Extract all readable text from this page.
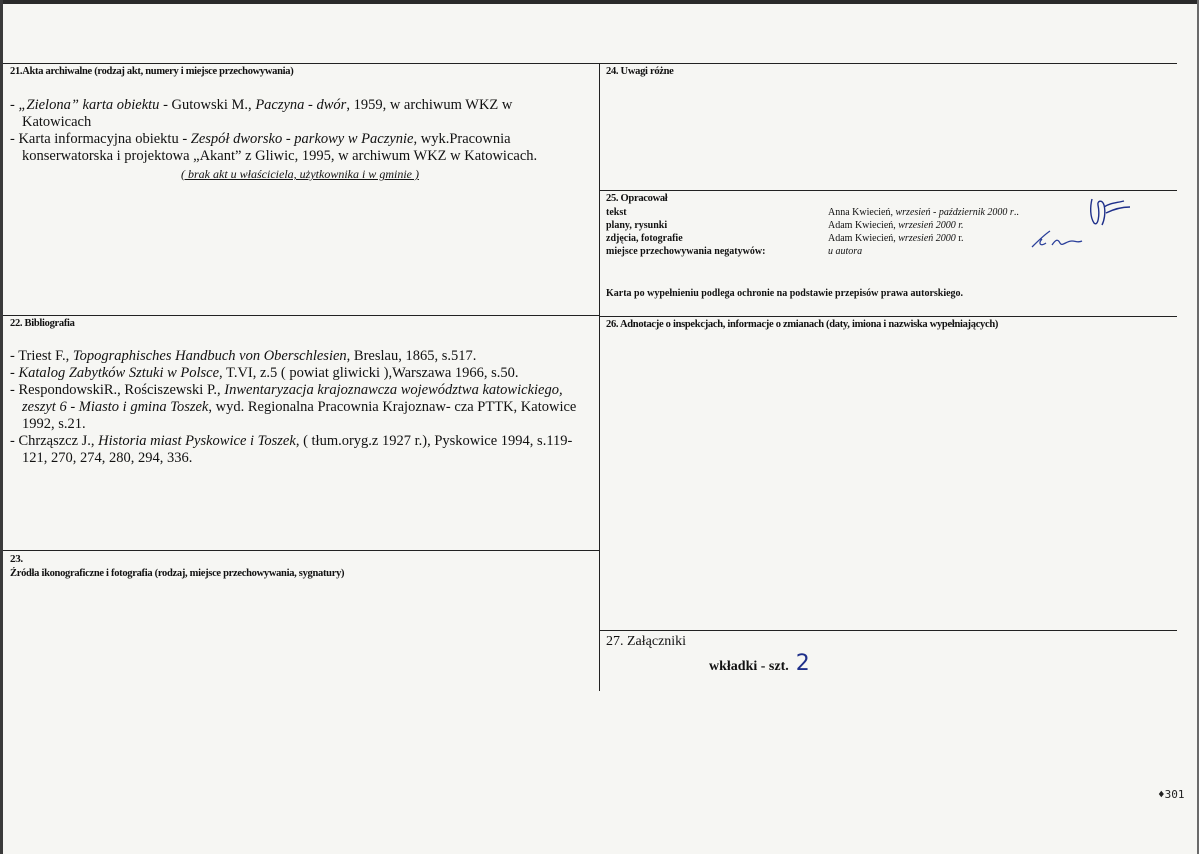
21.Akta archiwalne (rodzaj akt, numery i miejsce przechowywania)
- „Zielona” karta obiektu - Gutowski M., Paczyna - dwór, 1959, w archiwum WKZ w Katowicach
- Karta informacyjna obiektu - Zespół dworsko - parkowy w Paczynie, wyk.Pracownia konserwatorska i projektowa „Akant” z Gliwic, 1995, w archiwum WKZ w Katowicach.
( brak akt u właściciela, użytkownika i w gminie )
22. Bibliografia
- Triest F., Topographisches Handbuch von Oberschlesien, Breslau, 1865, s.517.
- Katalog Zabytków Sztuki w Polsce, T.VI, z.5 ( powiat gliwicki ),Warszawa 1966, s.50.
- RespondowskiR., Rościszewski P., Inwentaryzacja krajoznawcza województwa katowickiego, zeszyt 6 - Miasto i gmina Toszek, wyd. Regionalna Pracownia Krajoznaw- cza PTTK, Katowice 1992, s.21.
- Chrząszcz J., Historia miast Pyskowice i Toszek, ( tłum.oryg.z 1927 r.), Pyskowice 1994, s.119-121, 270, 274, 280, 294, 336.
23.
Źródła ikonograficzne i fotografia (rodzaj, miejsce przechowywania, sygnatury)
24. Uwagi różne
25. Opracował
tekst
plany, rysunki
zdjęcia, fotografie
miejsce przechowywania negatywów:
Anna Kwiecień, wrzesień - październik 2000 r..
Adam Kwiecień, wrzesień 2000 r.
Adam Kwiecień, wrzesień 2000 r.
u autora
Karta po wypełnieniu podlega ochronie na podstawie przepisów prawa autorskiego.
26. Adnotacje o inspekcjach, informacje o zmianach (daty, imiona i nazwiska wypełniających)
27. Załączniki
wkładki - szt. 2
♦301
